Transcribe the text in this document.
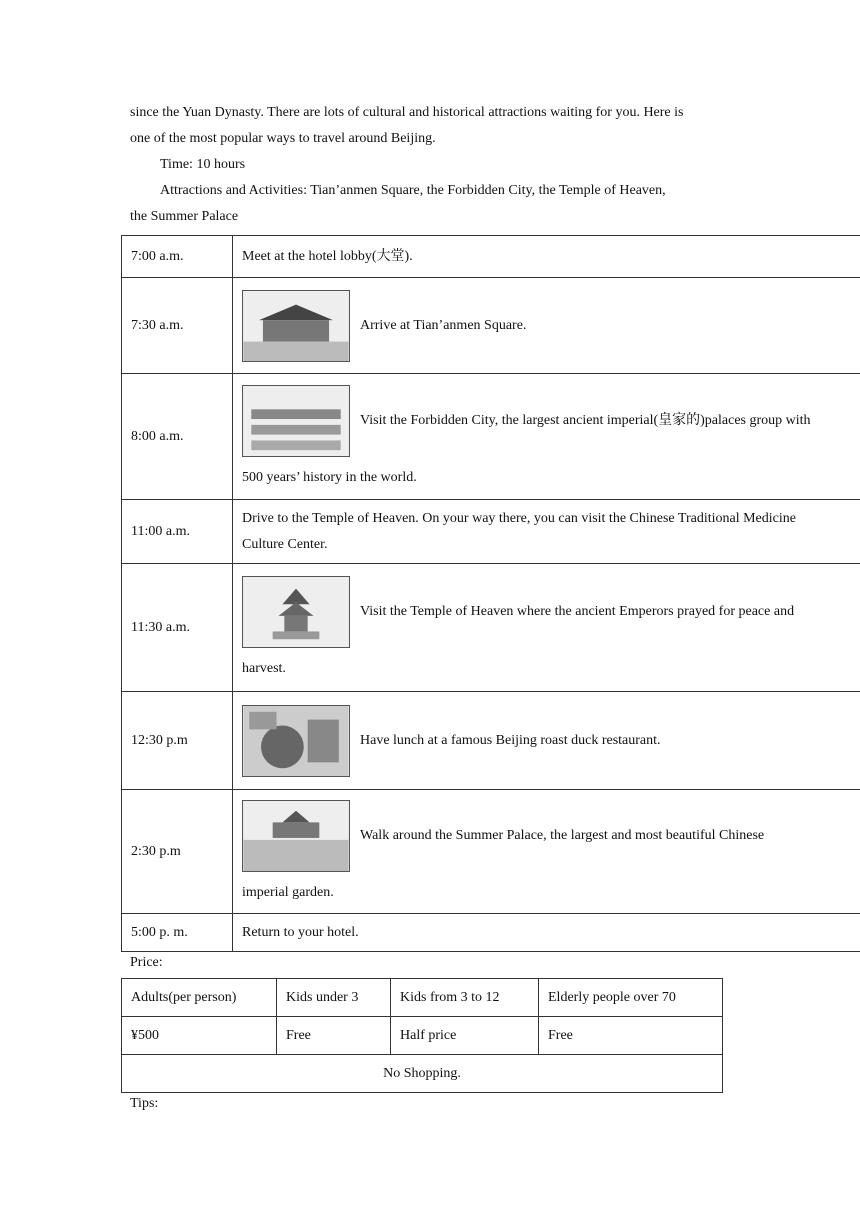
since the Yuan Dynasty. There are lots of cultural and historical attractions waiting for you. Here is
one of the most popular ways to travel around Beijing.
Time: 10 hours
Attractions and Activities: Tian’anmen Square, the Forbidden City, the Temple of Heaven,
the Summer Palace
7:00 a.m.	Meet at the hotel lobby(大堂).
7:30 a.m.	Arrive at Tian’anmen Square.
8:00 a.m.	Visit the Forbidden City, the largest ancient imperial(皇家的)palaces group with
500 years’ history in the world.

11:00 a.m.	Drive to the Temple of Heaven. On your way there, you can visit the Chinese Traditional Medicine
Culture Center.

11:30 a.m.	Visit the Temple of Heaven where the ancient Emperors prayed for peace and
harvest.

12:30 p.m	Have lunch at a famous Beijing roast duck restaurant.
2:30 p.m	Walk around the Summer Palace, the largest and most beautiful Chinese
imperial garden.

5:00 p. m.	Return to your hotel.
Price:
Adults(per person)	Kids under 3	Kids from 3 to 12	Elderly people over 70
¥500	Free	Half price	Free
No Shopping.			
Tips:
